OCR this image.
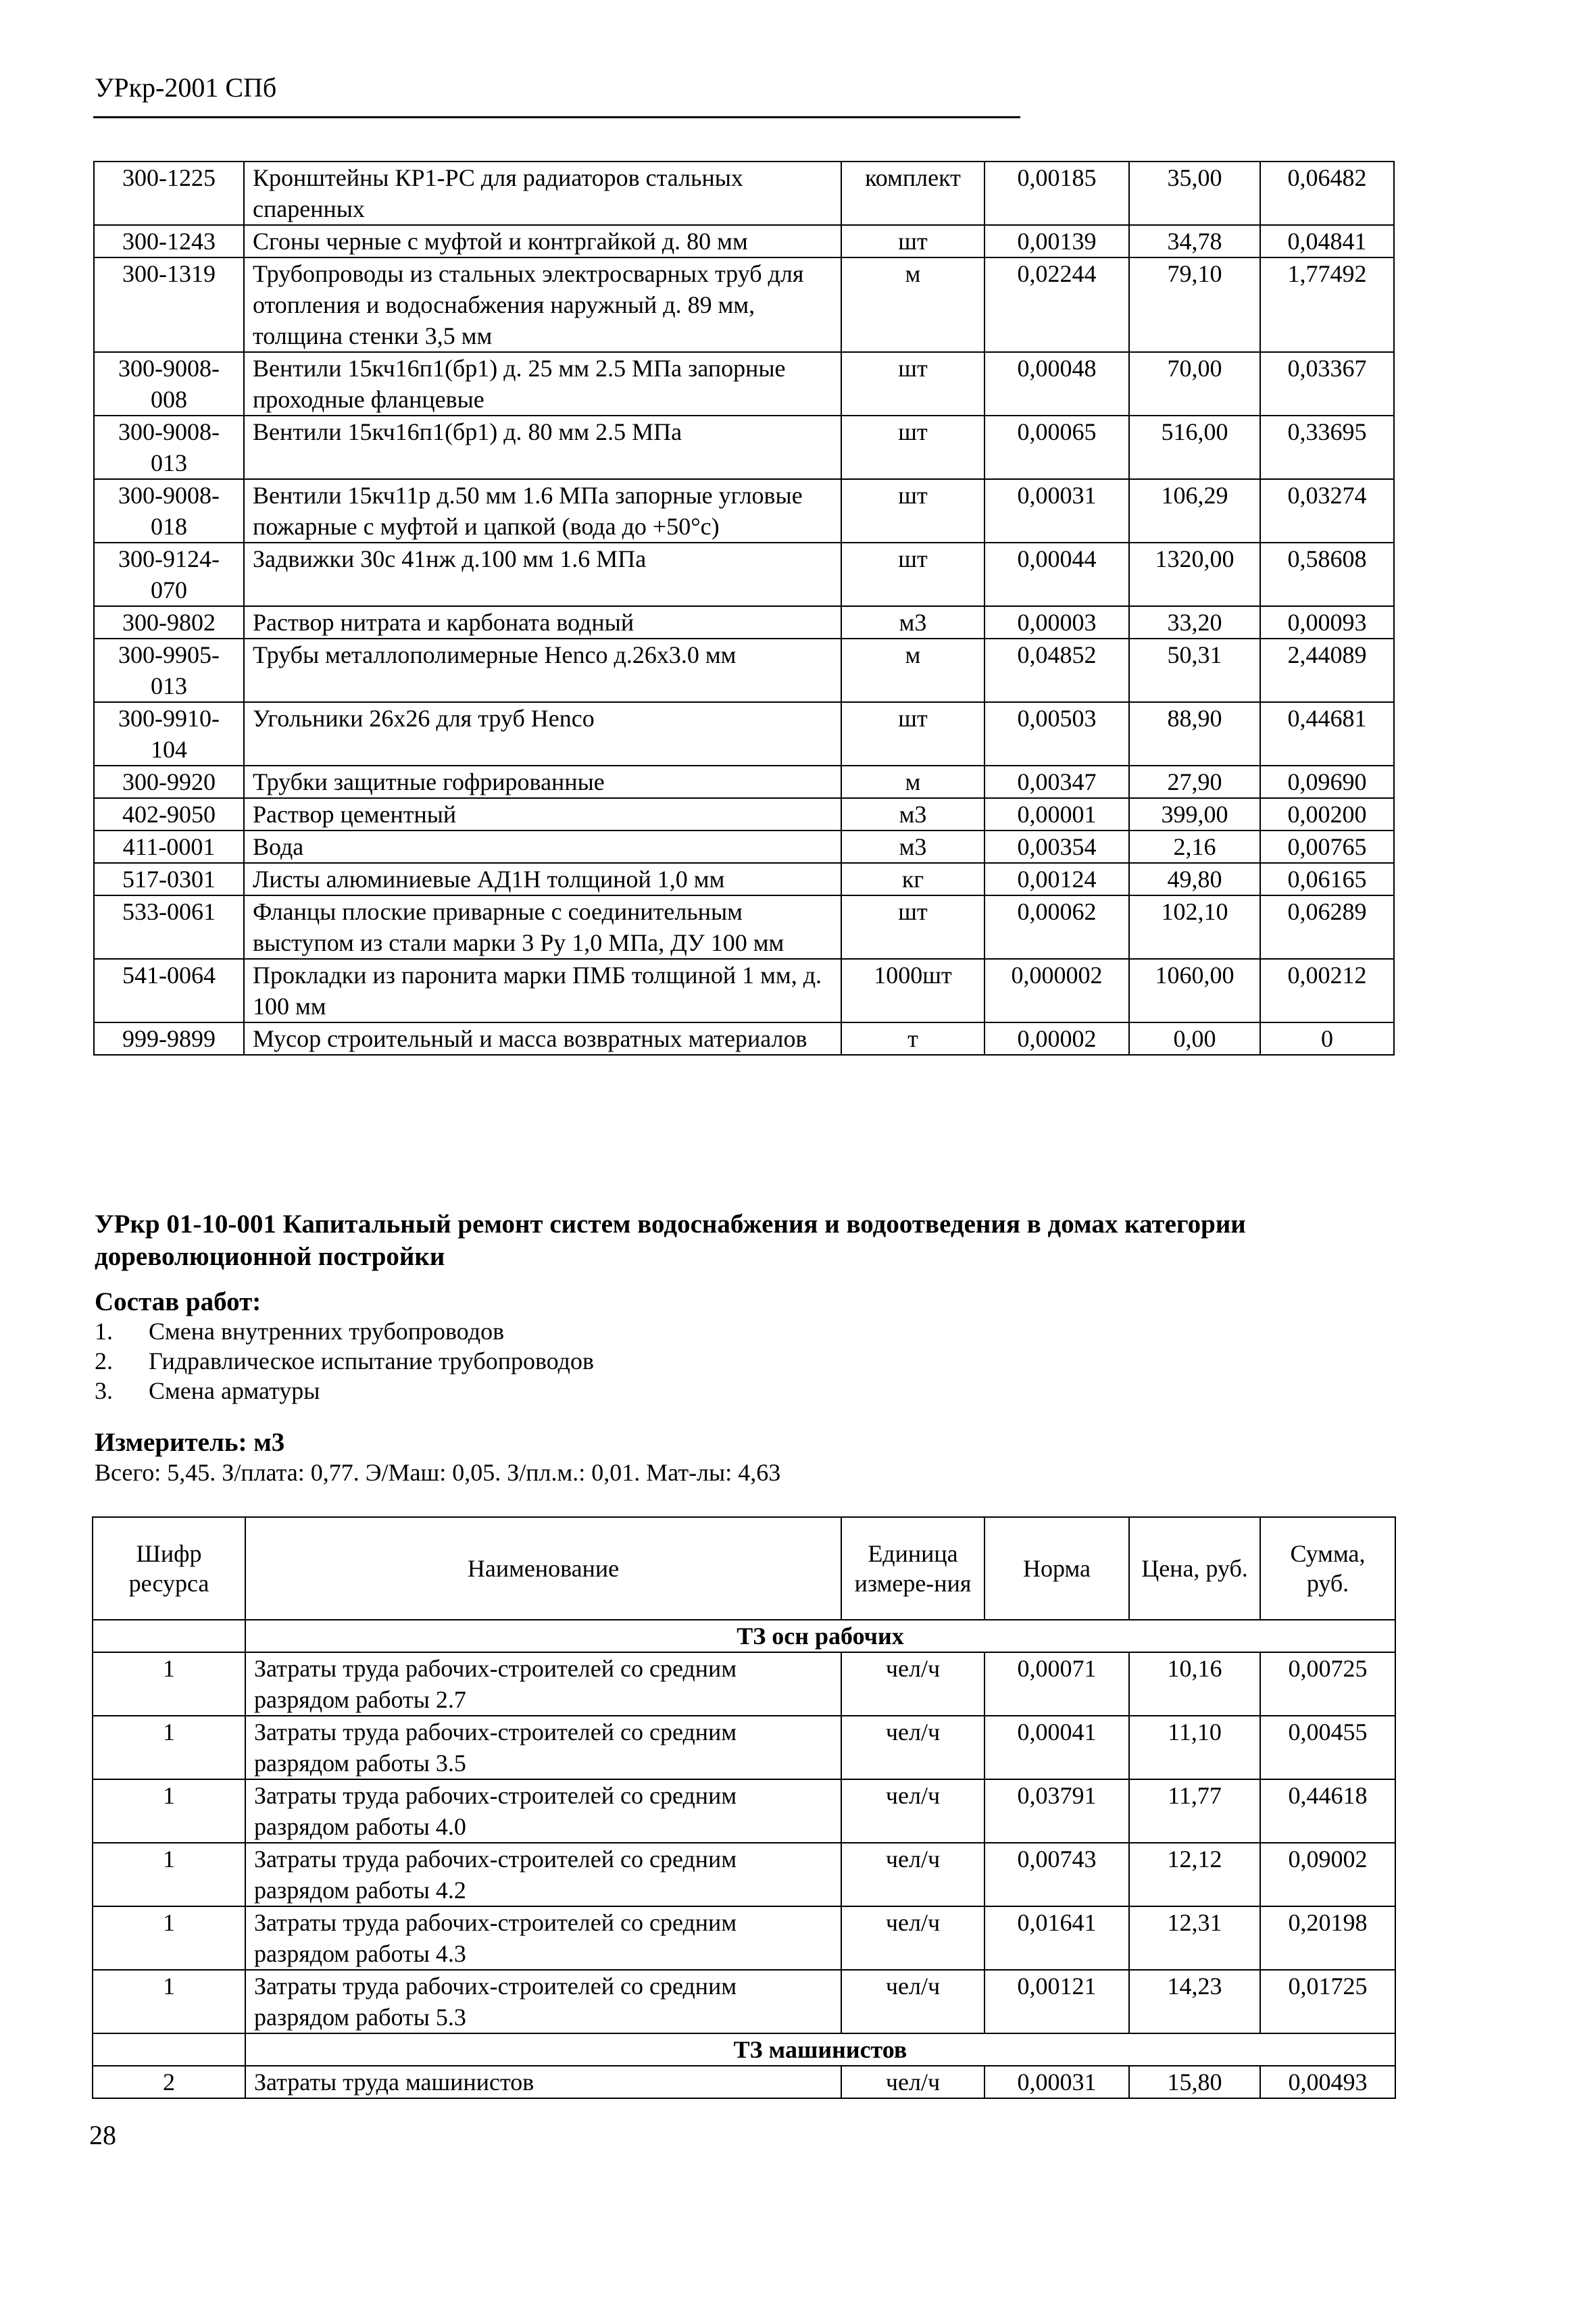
УРкр-2001 СПб
300-1225	Кронштейны КР1-РС для радиаторов стальных спаренных	комплект	0,00185	35,00	0,06482
300-1243	Сгоны черные с муфтой и контргайкой д. 80 мм	шт	0,00139	34,78	0,04841
300-1319	Трубопроводы из стальных электросварных труб для отопления и водоснабжения наружный д. 89 мм, толщина стенки 3,5 мм	м	0,02244	79,10	1,77492
300-9008-008	Вентили 15кч16п1(бр1) д. 25 мм 2.5 МПа запорные проходные фланцевые	шт	0,00048	70,00	0,03367
300-9008-013	Вентили 15кч16п1(бр1) д. 80 мм 2.5 МПа	шт	0,00065	516,00	0,33695
300-9008-018	Вентили 15кч11р д.50 мм 1.6 МПа запорные угловые пожарные с муфтой и цапкой (вода до +50°с)	шт	0,00031	106,29	0,03274
300-9124-070	Задвижки 30с 41нж д.100 мм 1.6 МПа	шт	0,00044	1320,00	0,58608
300-9802	Раствор нитрата и карбоната водный	м3	0,00003	33,20	0,00093
300-9905-013	Трубы металлополимерные Henco д.26х3.0 мм	м	0,04852	50,31	2,44089
300-9910-104	Угольники 26х26 для труб Henco	шт	0,00503	88,90	0,44681
300-9920	Трубки защитные гофрированные	м	0,00347	27,90	0,09690
402-9050	Раствор цементный	м3	0,00001	399,00	0,00200
411-0001	Вода	м3	0,00354	2,16	0,00765
517-0301	Листы алюминиевые АД1Н толщиной 1,0 мм	кг	0,00124	49,80	0,06165
533-0061	Фланцы плоские приварные с соединительным выступом из стали марки 3 Ру 1,0 МПа, ДУ 100 мм	шт	0,00062	102,10	0,06289
541-0064	Прокладки из паронита марки ПМБ толщиной 1 мм, д. 100 мм	1000шт	0,000002	1060,00	0,00212
999-9899	Мусор строительный и масса возвратных материалов	т	0,00002	0,00	0
УРкр 01-10-001 Капитальный ремонт систем водоснабжения и водоотведения в домах категории дореволюционной постройки
Состав работ:
1.	Смена внутренних трубопроводов
2.	Гидравлическое испытание трубопроводов
3.	Смена арматуры
Измеритель: м3
Всего: 5,45. З/плата: 0,77. Э/Маш: 0,05. З/пл.м.: 0,01. Мат-лы: 4,63
Шифр ресурса	Наименование	Единица измере-ния	Норма	Цена, руб.	Сумма, руб.
	ТЗ осн рабочих				
1	Затраты труда рабочих-строителей со средним разрядом работы 2.7	чел/ч	0,00071	10,16	0,00725
1	Затраты труда рабочих-строителей со средним разрядом работы 3.5	чел/ч	0,00041	11,10	0,00455
1	Затраты труда рабочих-строителей со средним разрядом работы 4.0	чел/ч	0,03791	11,77	0,44618
1	Затраты труда рабочих-строителей со средним разрядом работы 4.2	чел/ч	0,00743	12,12	0,09002
1	Затраты труда рабочих-строителей со средним разрядом работы 4.3	чел/ч	0,01641	12,31	0,20198
1	Затраты труда рабочих-строителей со средним разрядом работы 5.3	чел/ч	0,00121	14,23	0,01725
	ТЗ машинистов				
2	Затраты труда машинистов	чел/ч	0,00031	15,80	0,00493
28
